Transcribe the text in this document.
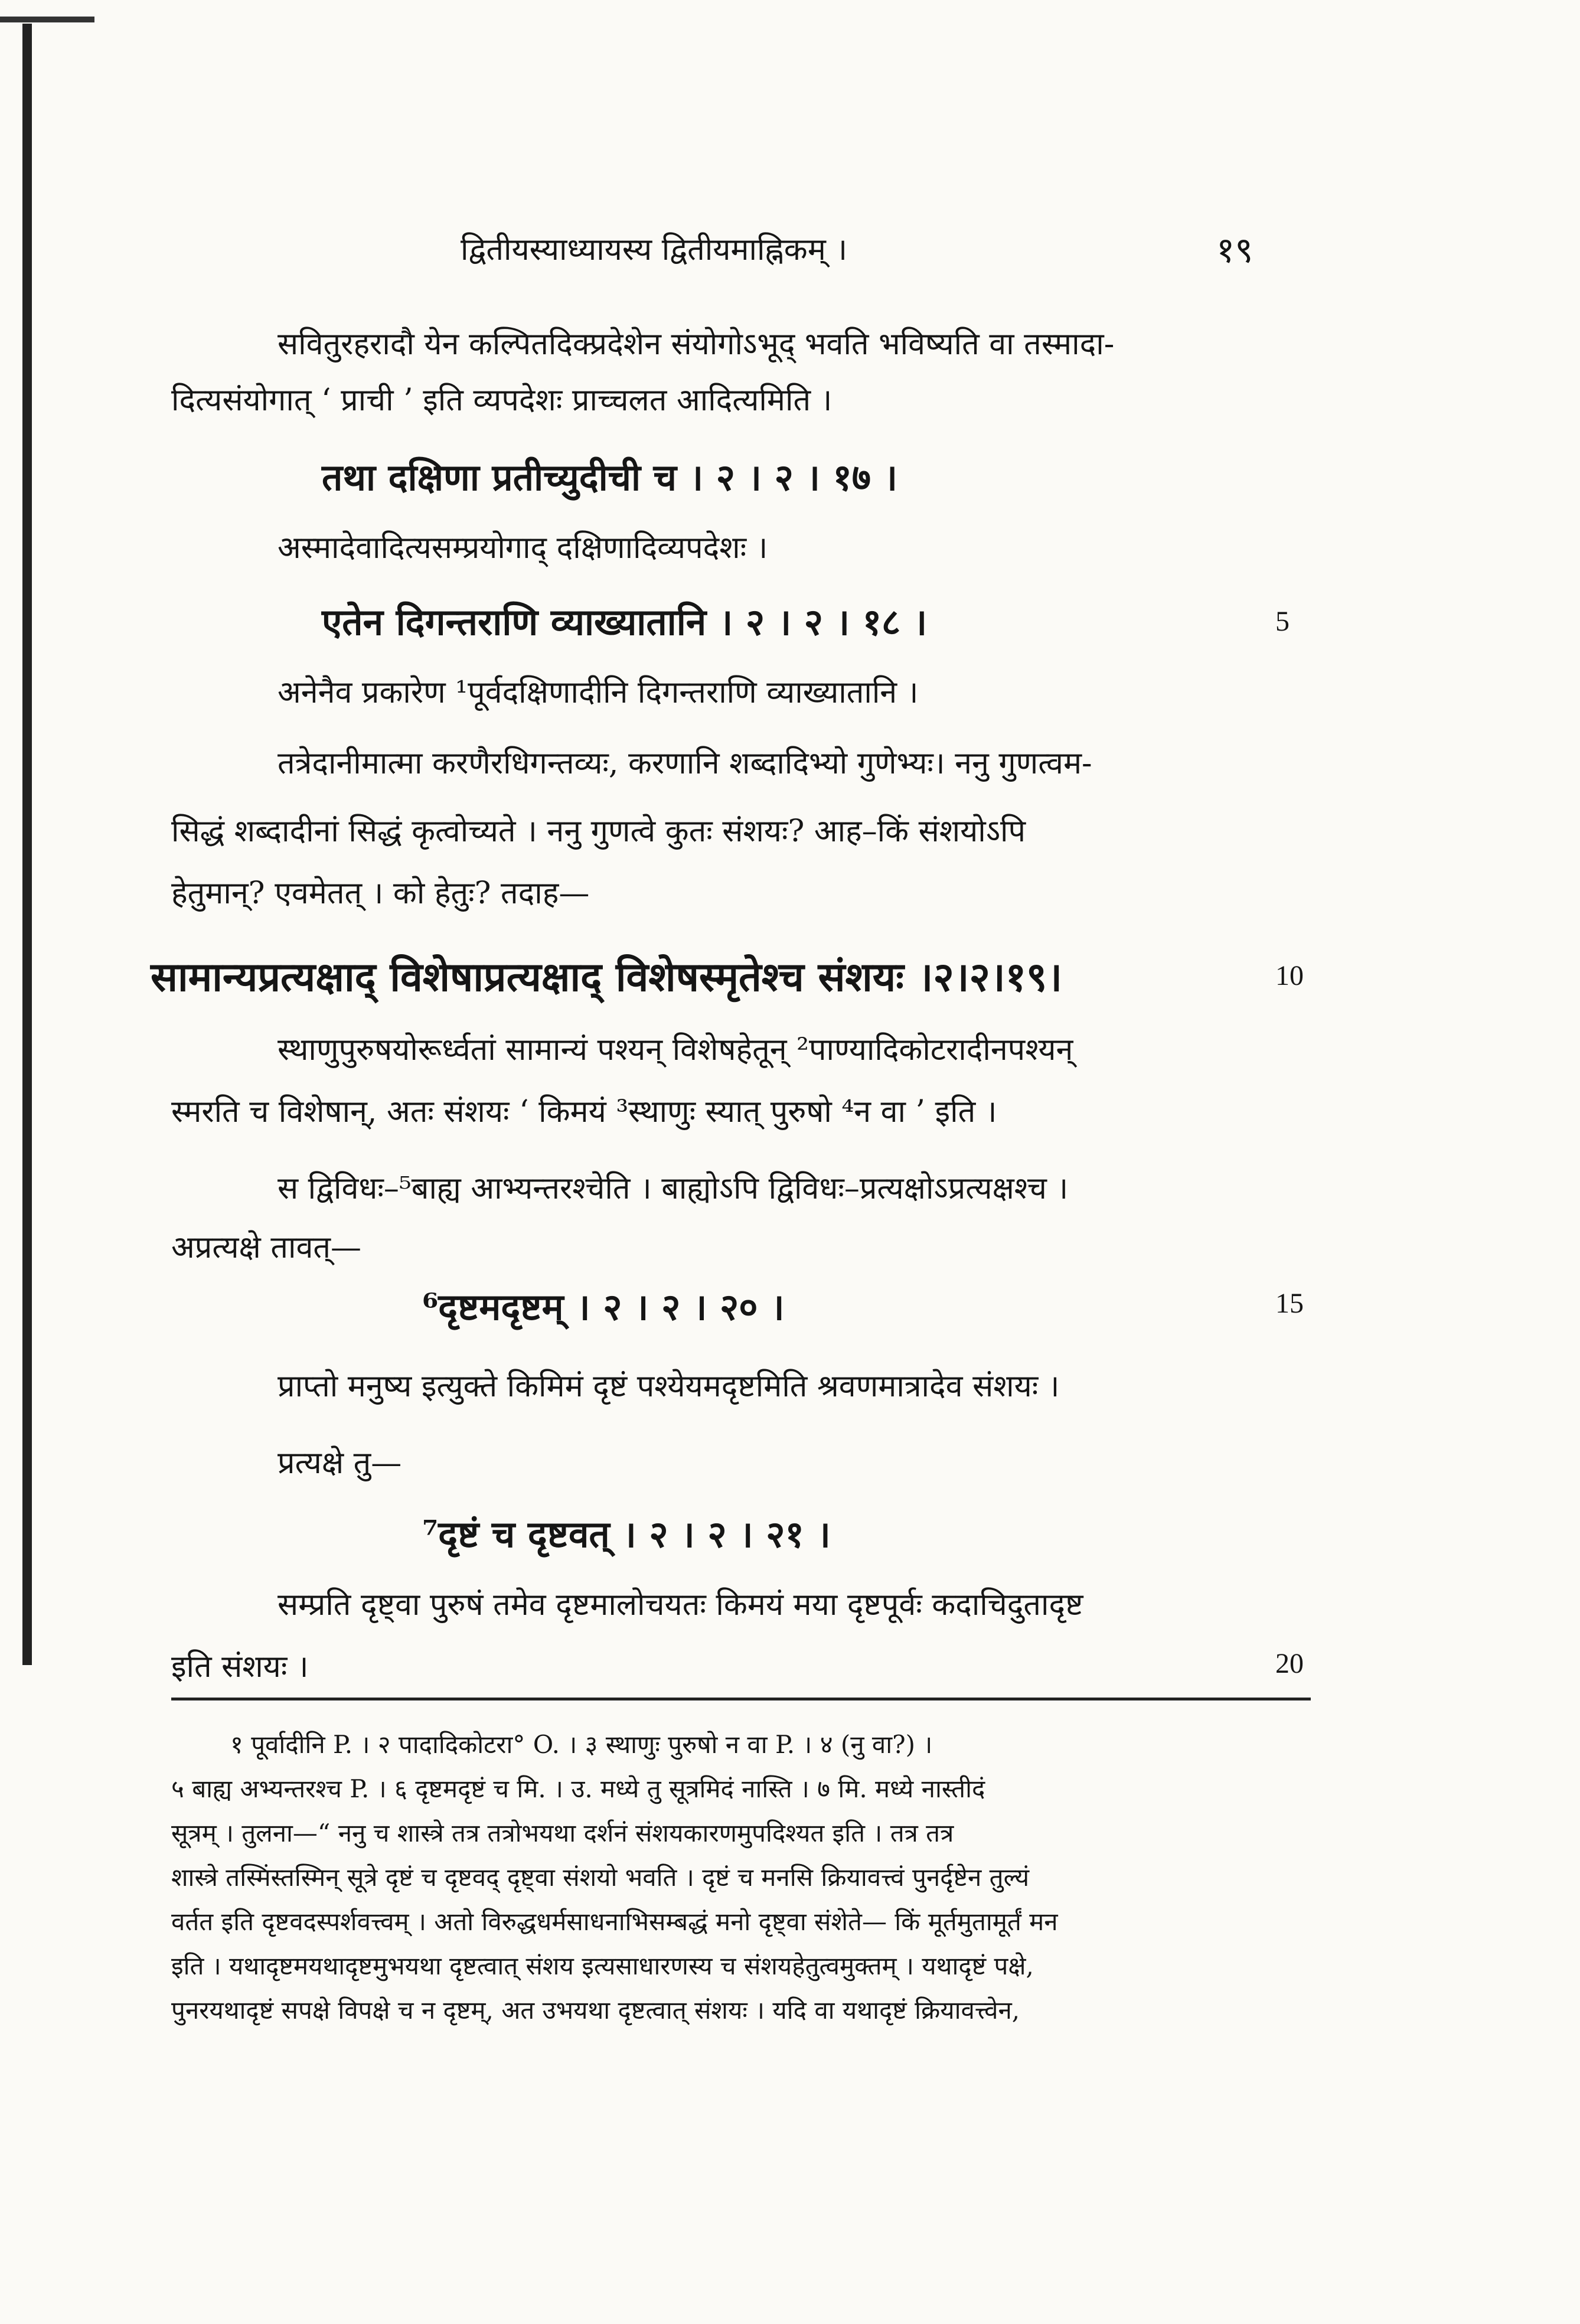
द्वितीयस्याध्यायस्य द्वितीयमाह्निकम् ।	१९
सवितुरहरादौ येन कल्पितदिक्प्रदेशेन संयोगोऽभूद् भवति भविष्यति वा तस्मादा-
दित्यसंयोगात् ‘ प्राची ’ इति व्यपदेशः प्राच्चलत आदित्यमिति ।
तथा दक्षिणा प्रतीच्युदीची च । २ । २ । १७ ।
अस्मादेवादित्यसम्प्रयोगाद् दक्षिणादिव्यपदेशः ।
एतेन दिगन्तराणि व्याख्यातानि । २ । २ । १८ ।	5
अनेनैव प्रकारेण ¹पूर्वदक्षिणादीनि दिगन्तराणि व्याख्यातानि ।
तत्रेदानीमात्मा करणैरधिगन्तव्यः, करणानि शब्दादिभ्यो गुणेभ्यः। ननु गुणत्वम-
सिद्धं शब्दादीनां सिद्धं कृत्वोच्यते । ननु गुणत्वे कुतः संशयः? आह–किं संशयोऽपि
हेतुमान्? एवमेतत् । को हेतुः? तदाह—
सामान्यप्रत्यक्षाद् विशेषाप्रत्यक्षाद् विशेषस्मृतेश्च संशयः ।२।२।१९।	10
स्थाणुपुरुषयोरूर्ध्वतां सामान्यं पश्यन् विशेषहेतून् ²पाण्यादिकोटरादीनपश्यन्
स्मरति च विशेषान्, अतः संशयः ‘ किमयं ³स्थाणुः स्यात् पुरुषो ⁴न वा ’ इति ।
स द्विविधः–⁵बाह्य आभ्यन्तरश्चेति । बाह्योऽपि द्विविधः–प्रत्यक्षोऽप्रत्यक्षश्च ।
अप्रत्यक्षे तावत्—
⁶दृष्टमदृष्टम् । २ । २ । २० ।	15
प्राप्तो मनुष्य इत्युक्ते किमिमं दृष्टं पश्येयमदृष्टमिति श्रवणमात्रादेव संशयः ।
प्रत्यक्षे तु—
⁷दृष्टं च दृष्टवत् । २ । २ । २१ ।
सम्प्रति दृष्ट्वा पुरुषं तमेव दृष्टमालोचयतः किमयं मया दृष्टपूर्वः कदाचिदुतादृष्ट
इति संशयः ।	20
१ पूर्वादीनि P. । २ पादादिकोटरा° O. । ३ स्थाणुः पुरुषो न वा P. । ४ (नु वा?) ।
५ बाह्य अभ्यन्तरश्च P. । ६ दृष्टमदृष्टं च मि. । उ. मध्ये तु सूत्रमिदं नास्ति । ७ मि. मध्ये नास्तीदं
सूत्रम् । तुलना—“ ननु च शास्त्रे तत्र तत्रोभयथा दर्शनं संशयकारणमुपदिश्यत इति । तत्र तत्र
शास्त्रे तस्मिंस्तस्मिन् सूत्रे दृष्टं च दृष्टवद् दृष्ट्वा संशयो भवति । दृष्टं च मनसि क्रियावत्त्वं पुनर्दृष्टेन तुल्यं
वर्तत इति दृष्टवदस्पर्शवत्त्वम् । अतो विरुद्धधर्मसाधनाभिसम्बद्धं मनो दृष्ट्वा संशेते— किं मूर्तमुतामूर्तं मन
इति । यथादृष्टमयथादृष्टमुभयथा दृष्टत्वात् संशय इत्यसाधारणस्य च संशयहेतुत्वमुक्तम् । यथादृष्टं पक्षे,
पुनरयथादृष्टं सपक्षे विपक्षे च न दृष्टम्, अत उभयथा दृष्टत्वात् संशयः । यदि वा यथादृष्टं क्रियावत्त्वेन,
